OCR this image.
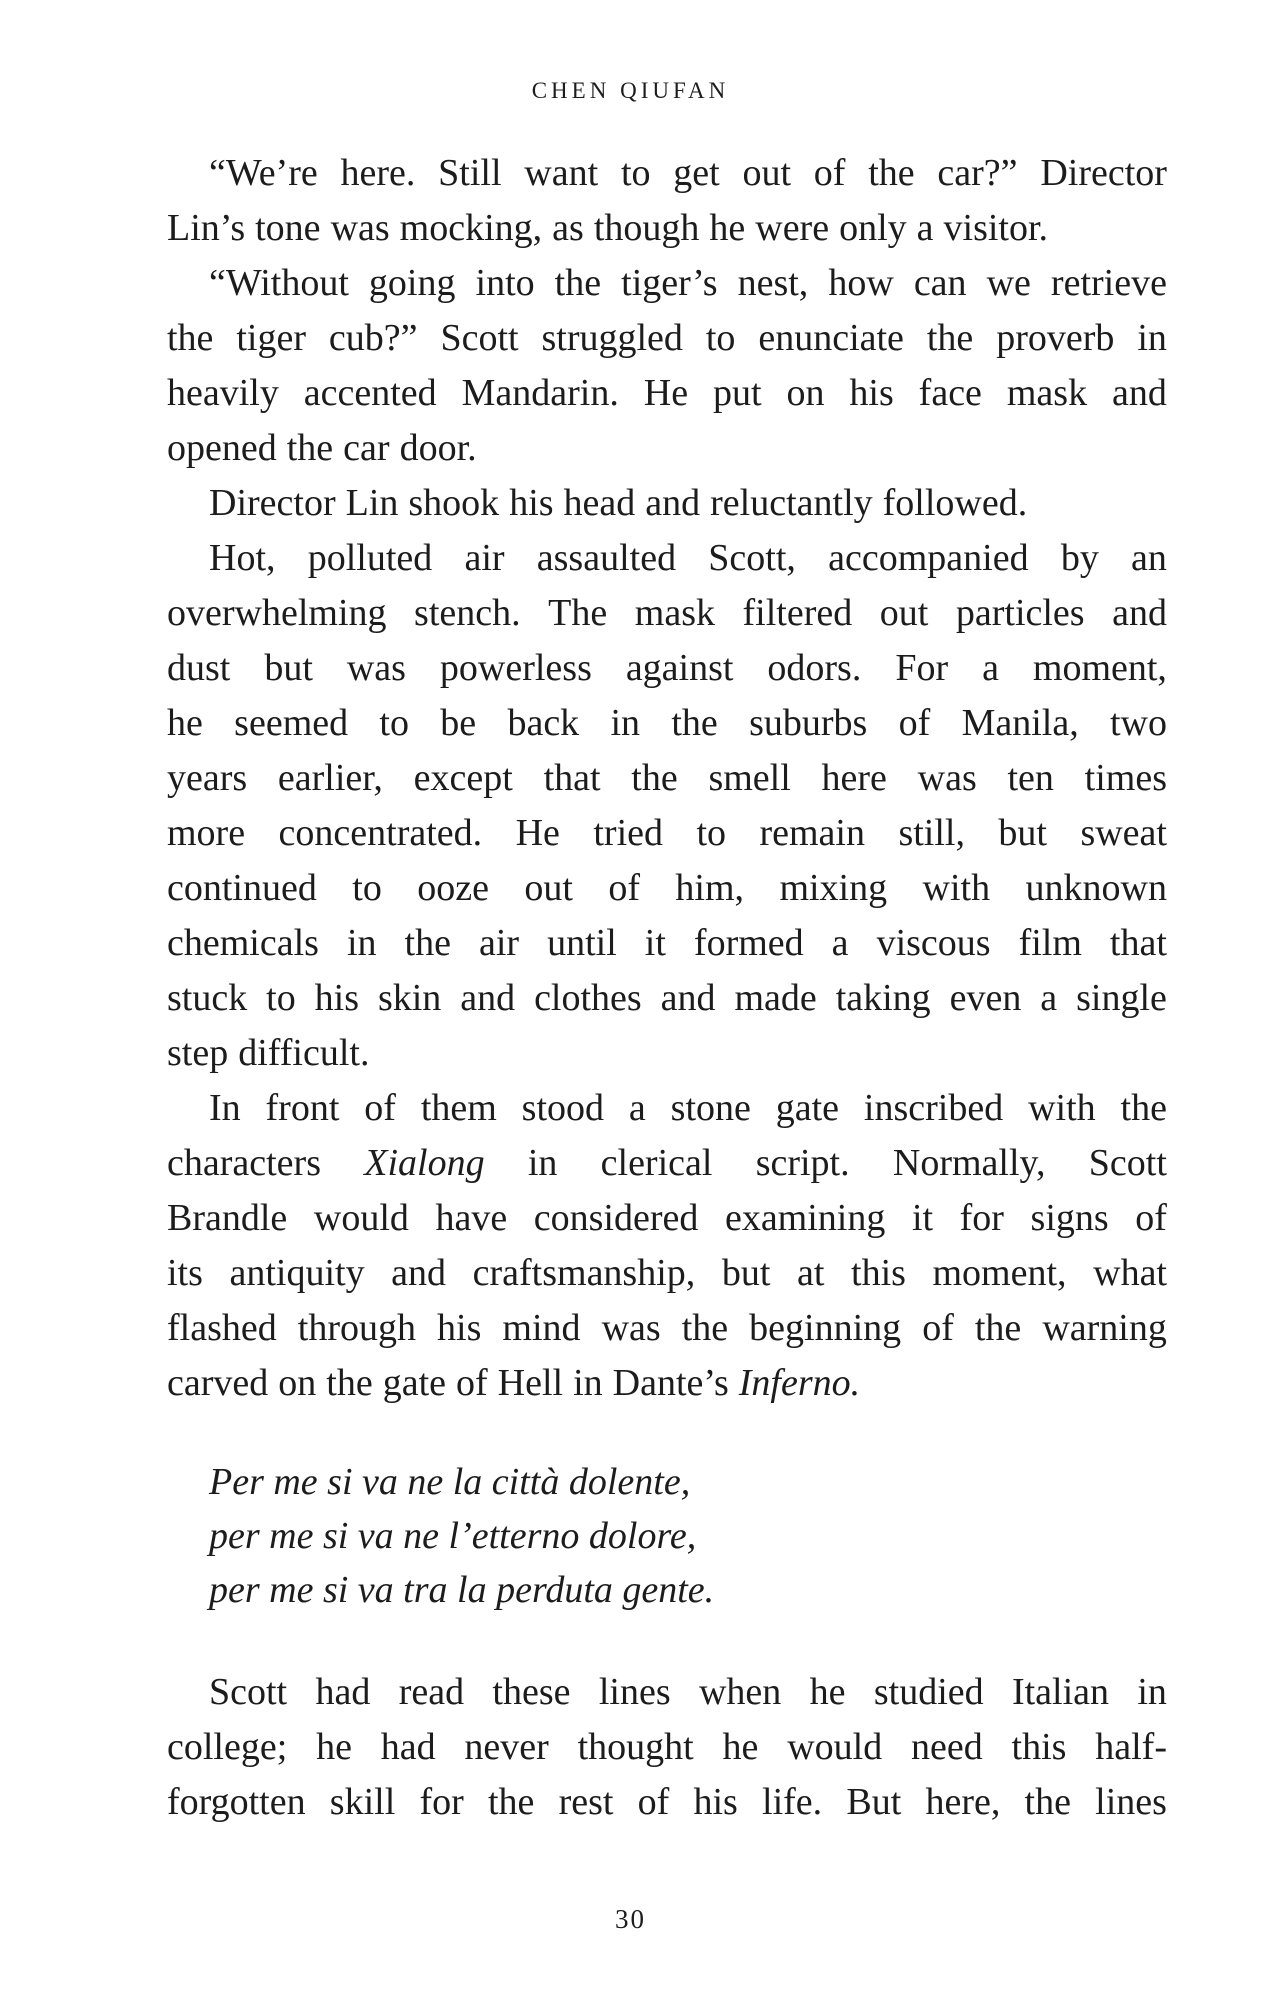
CHEN QIUFAN
“We’re here. Still want to get out of the car?” Director
Lin’s tone was mocking, as though he were only a visitor.
“Without going into the tiger’s nest, how can we retrieve
the tiger cub?” Scott struggled to enunciate the proverb in
heavily accented Mandarin. He put on his face mask and
opened the car door.
Director Lin shook his head and reluctantly followed.
Hot, polluted air assaulted Scott, accompanied by an
overwhelming stench. The mask filtered out particles and
dust but was powerless against odors. For a moment,
he seemed to be back in the suburbs of Manila, two
years earlier, except that the smell here was ten times
more concentrated. He tried to remain still, but sweat
continued to ooze out of him, mixing with unknown
chemicals in the air until it formed a viscous film that
stuck to his skin and clothes and made taking even a single
step difficult.
In front of them stood a stone gate inscribed with the
characters Xialong in clerical script. Normally, Scott
Brandle would have considered examining it for signs of
its antiquity and craftsmanship, but at this moment, what
flashed through his mind was the beginning of the warning
carved on the gate of Hell in Dante’s Inferno.
Per me si va ne la città dolente,
per me si va ne l’etterno dolore,
per me si va tra la perduta gente.
Scott had read these lines when he studied Italian in
college; he had never thought he would need this half-
forgotten skill for the rest of his life. But here, the lines
30
